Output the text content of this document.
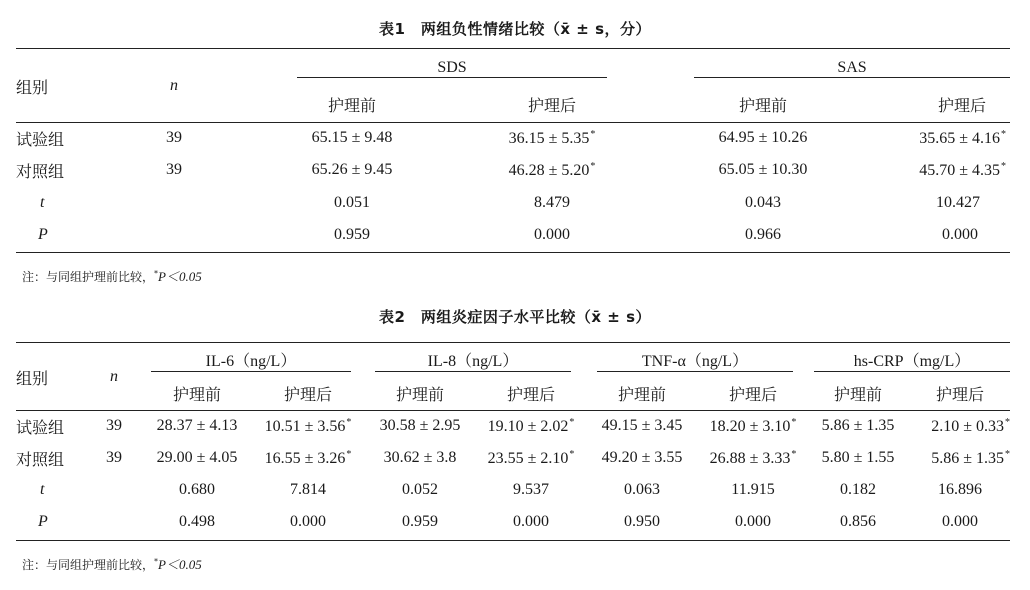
表1　两组负性情绪比较（x̄ ± s，分）
组别	n	SDS		SAS	
		护理前	护理后	护理前	护理后
试验组	39	65.15 ± 9.48	36.15 ± 5.35*	64.95 ± 10.26	35.65 ± 4.16*
对照组	39	65.26 ± 9.45	46.28 ± 5.20*	65.05 ± 10.30	45.70 ± 4.35*
t		0.051	8.479	0.043	10.427
P		0.959	0.000	0.966	0.000
注：与同组护理前比较，*P＜0.05
表2　两组炎症因子水平比较（x̄ ± s）
组别	n	IL-6（ng/L）		IL-8（ng/L）		TNF-α（ng/L）		hs-CRP（mg/L）	
		护理前	护理后	护理前	护理后	护理前	护理后	护理前	护理后
试验组	39	28.37 ± 4.13	10.51 ± 3.56*	30.58 ± 2.95	19.10 ± 2.02*	49.15 ± 3.45	18.20 ± 3.10*	5.86 ± 1.35	2.10 ± 0.33*
对照组	39	29.00 ± 4.05	16.55 ± 3.26*	30.62 ± 3.8	23.55 ± 2.10*	49.20 ± 3.55	26.88 ± 3.33*	5.80 ± 1.55	5.86 ± 1.35*
t		0.680	7.814	0.052	9.537	0.063	11.915	0.182	16.896
P		0.498	0.000	0.959	0.000	0.950	0.000	0.856	0.000
注：与同组护理前比较，*P＜0.05
